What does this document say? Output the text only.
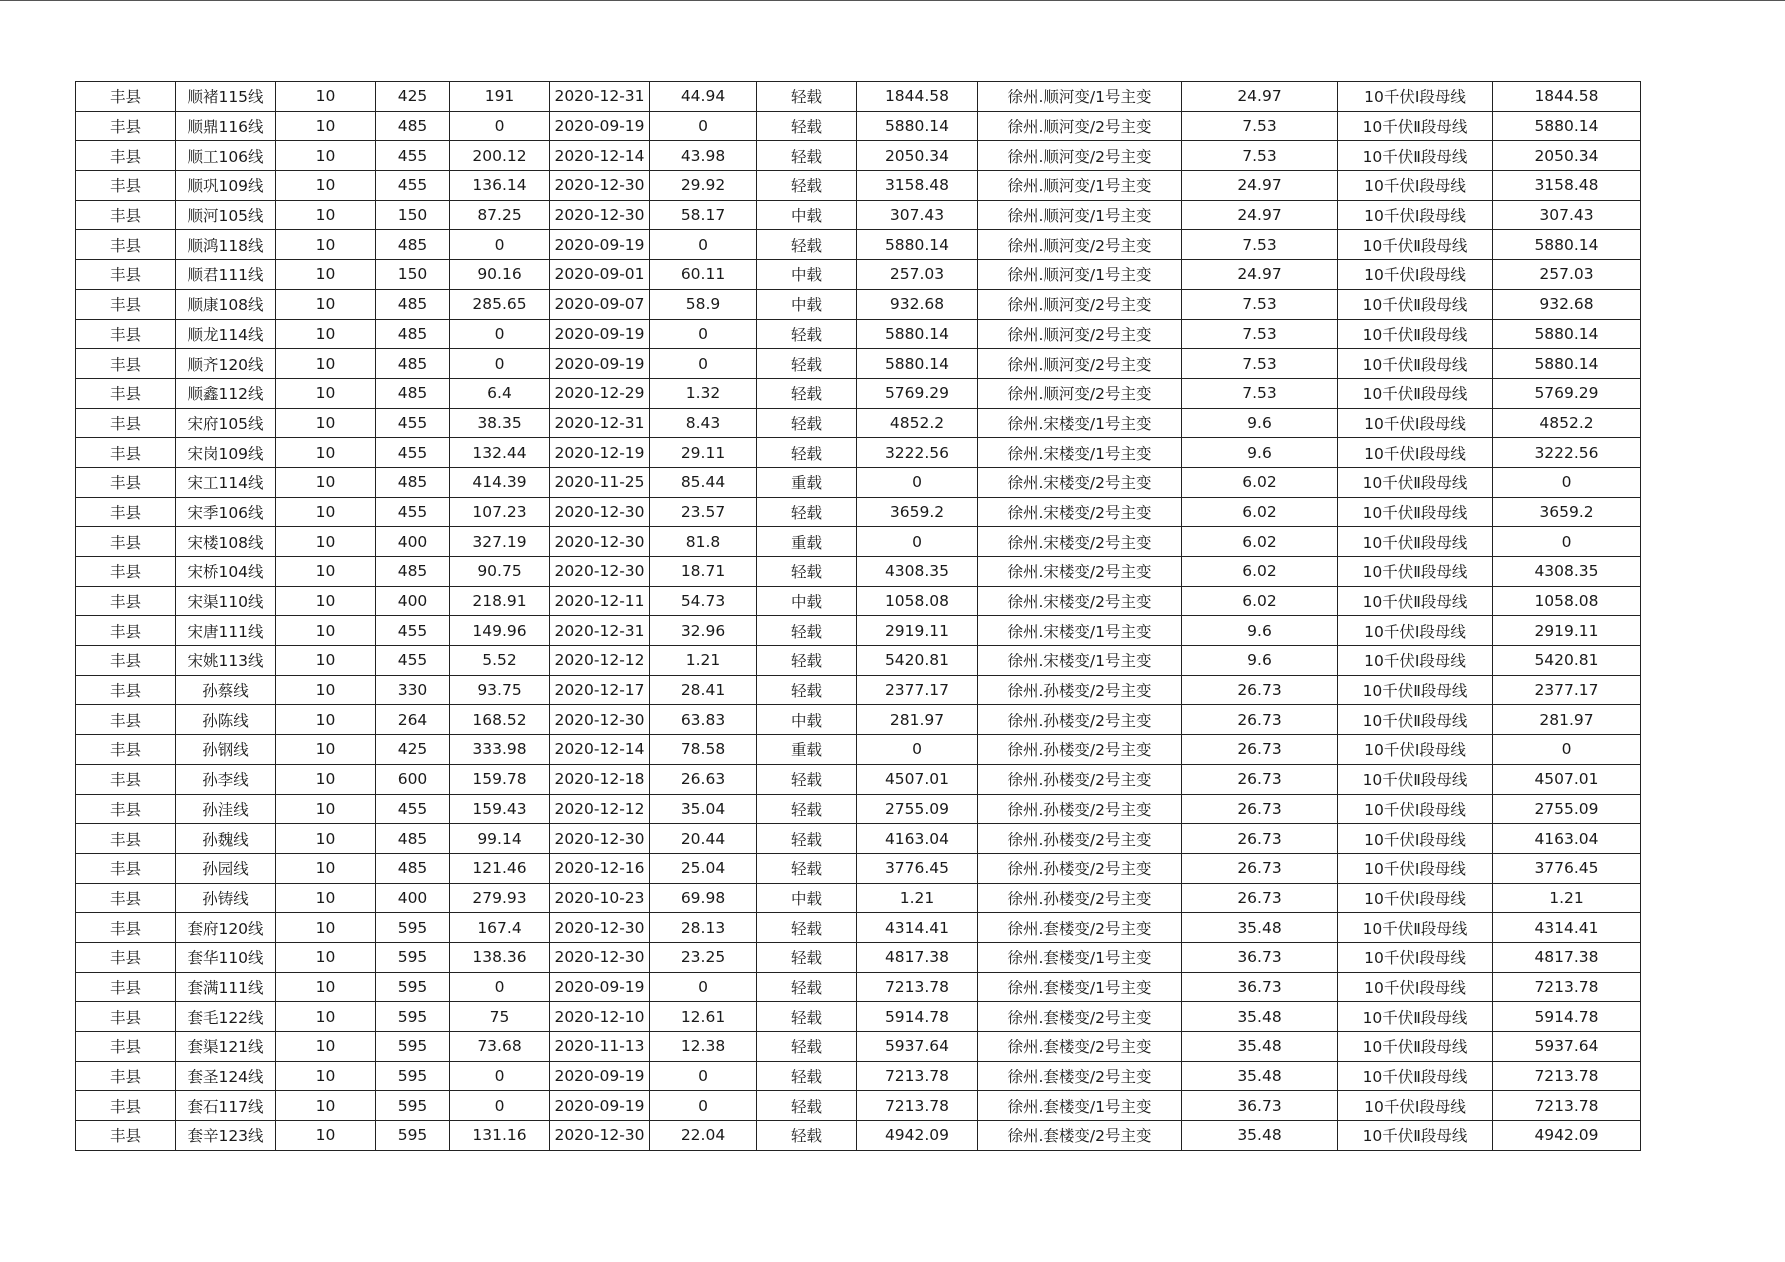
丰县	顺褚115线	10	425	191	2020-12-31	44.94	轻载	1844.58	徐州.顺河变/1号主变	24.97	10千伏Ⅰ段母线	1844.58
丰县	顺鼎116线	10	485	0	2020-09-19	0	轻载	5880.14	徐州.顺河变/2号主变	7.53	10千伏Ⅱ段母线	5880.14
丰县	顺工106线	10	455	200.12	2020-12-14	43.98	轻载	2050.34	徐州.顺河变/2号主变	7.53	10千伏Ⅱ段母线	2050.34
丰县	顺巩109线	10	455	136.14	2020-12-30	29.92	轻载	3158.48	徐州.顺河变/1号主变	24.97	10千伏Ⅰ段母线	3158.48
丰县	顺河105线	10	150	87.25	2020-12-30	58.17	中载	307.43	徐州.顺河变/1号主变	24.97	10千伏Ⅰ段母线	307.43
丰县	顺鸿118线	10	485	0	2020-09-19	0	轻载	5880.14	徐州.顺河变/2号主变	7.53	10千伏Ⅱ段母线	5880.14
丰县	顺君111线	10	150	90.16	2020-09-01	60.11	中载	257.03	徐州.顺河变/1号主变	24.97	10千伏Ⅰ段母线	257.03
丰县	顺康108线	10	485	285.65	2020-09-07	58.9	中载	932.68	徐州.顺河变/2号主变	7.53	10千伏Ⅱ段母线	932.68
丰县	顺龙114线	10	485	0	2020-09-19	0	轻载	5880.14	徐州.顺河变/2号主变	7.53	10千伏Ⅱ段母线	5880.14
丰县	顺齐120线	10	485	0	2020-09-19	0	轻载	5880.14	徐州.顺河变/2号主变	7.53	10千伏Ⅱ段母线	5880.14
丰县	顺鑫112线	10	485	6.4	2020-12-29	1.32	轻载	5769.29	徐州.顺河变/2号主变	7.53	10千伏Ⅱ段母线	5769.29
丰县	宋府105线	10	455	38.35	2020-12-31	8.43	轻载	4852.2	徐州.宋楼变/1号主变	9.6	10千伏Ⅰ段母线	4852.2
丰县	宋岗109线	10	455	132.44	2020-12-19	29.11	轻载	3222.56	徐州.宋楼变/1号主变	9.6	10千伏Ⅰ段母线	3222.56
丰县	宋工114线	10	485	414.39	2020-11-25	85.44	重载	0	徐州.宋楼变/2号主变	6.02	10千伏Ⅱ段母线	0
丰县	宋季106线	10	455	107.23	2020-12-30	23.57	轻载	3659.2	徐州.宋楼变/2号主变	6.02	10千伏Ⅱ段母线	3659.2
丰县	宋楼108线	10	400	327.19	2020-12-30	81.8	重载	0	徐州.宋楼变/2号主变	6.02	10千伏Ⅱ段母线	0
丰县	宋桥104线	10	485	90.75	2020-12-30	18.71	轻载	4308.35	徐州.宋楼变/2号主变	6.02	10千伏Ⅱ段母线	4308.35
丰县	宋渠110线	10	400	218.91	2020-12-11	54.73	中载	1058.08	徐州.宋楼变/2号主变	6.02	10千伏Ⅱ段母线	1058.08
丰县	宋唐111线	10	455	149.96	2020-12-31	32.96	轻载	2919.11	徐州.宋楼变/1号主变	9.6	10千伏Ⅰ段母线	2919.11
丰县	宋姚113线	10	455	5.52	2020-12-12	1.21	轻载	5420.81	徐州.宋楼变/1号主变	9.6	10千伏Ⅰ段母线	5420.81
丰县	孙蔡线	10	330	93.75	2020-12-17	28.41	轻载	2377.17	徐州.孙楼变/2号主变	26.73	10千伏Ⅱ段母线	2377.17
丰县	孙陈线	10	264	168.52	2020-12-30	63.83	中载	281.97	徐州.孙楼变/2号主变	26.73	10千伏Ⅱ段母线	281.97
丰县	孙钢线	10	425	333.98	2020-12-14	78.58	重载	0	徐州.孙楼变/2号主变	26.73	10千伏Ⅰ段母线	0
丰县	孙李线	10	600	159.78	2020-12-18	26.63	轻载	4507.01	徐州.孙楼变/2号主变	26.73	10千伏Ⅱ段母线	4507.01
丰县	孙洼线	10	455	159.43	2020-12-12	35.04	轻载	2755.09	徐州.孙楼变/2号主变	26.73	10千伏Ⅰ段母线	2755.09
丰县	孙魏线	10	485	99.14	2020-12-30	20.44	轻载	4163.04	徐州.孙楼变/2号主变	26.73	10千伏Ⅰ段母线	4163.04
丰县	孙园线	10	485	121.46	2020-12-16	25.04	轻载	3776.45	徐州.孙楼变/2号主变	26.73	10千伏Ⅰ段母线	3776.45
丰县	孙铸线	10	400	279.93	2020-10-23	69.98	中载	1.21	徐州.孙楼变/2号主变	26.73	10千伏Ⅰ段母线	1.21
丰县	套府120线	10	595	167.4	2020-12-30	28.13	轻载	4314.41	徐州.套楼变/2号主变	35.48	10千伏Ⅱ段母线	4314.41
丰县	套华110线	10	595	138.36	2020-12-30	23.25	轻载	4817.38	徐州.套楼变/1号主变	36.73	10千伏Ⅰ段母线	4817.38
丰县	套满111线	10	595	0	2020-09-19	0	轻载	7213.78	徐州.套楼变/1号主变	36.73	10千伏Ⅰ段母线	7213.78
丰县	套毛122线	10	595	75	2020-12-10	12.61	轻载	5914.78	徐州.套楼变/2号主变	35.48	10千伏Ⅱ段母线	5914.78
丰县	套渠121线	10	595	73.68	2020-11-13	12.38	轻载	5937.64	徐州.套楼变/2号主变	35.48	10千伏Ⅱ段母线	5937.64
丰县	套圣124线	10	595	0	2020-09-19	0	轻载	7213.78	徐州.套楼变/2号主变	35.48	10千伏Ⅱ段母线	7213.78
丰县	套石117线	10	595	0	2020-09-19	0	轻载	7213.78	徐州.套楼变/1号主变	36.73	10千伏Ⅰ段母线	7213.78
丰县	套辛123线	10	595	131.16	2020-12-30	22.04	轻载	4942.09	徐州.套楼变/2号主变	35.48	10千伏Ⅱ段母线	4942.09
